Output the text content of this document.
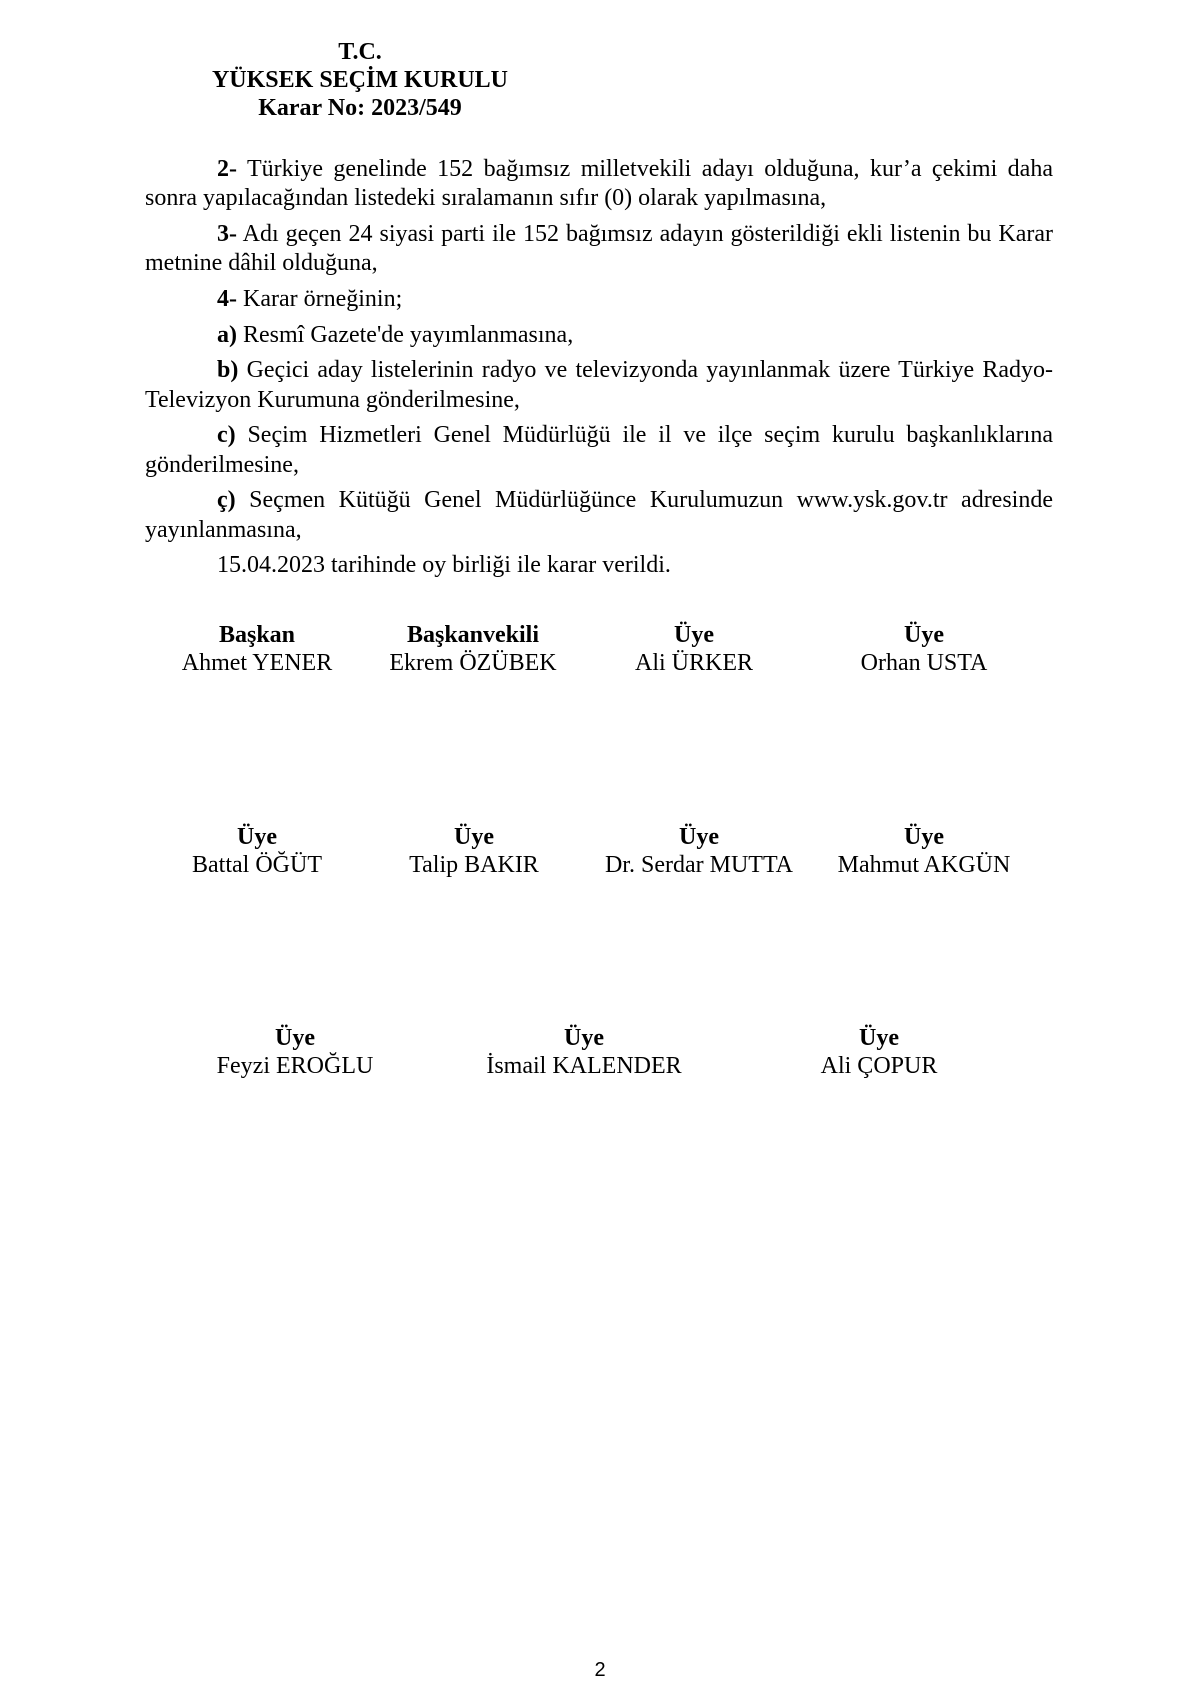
T.C.
YÜKSEK SEÇİM KURULU
Karar No: 2023/549

2- Türkiye genelinde 152 bağımsız milletvekili adayı olduğuna, kur’a çekimi daha sonra yapılacağından listedeki sıralamanın sıfır (0) olarak yapılmasına,

3- Adı geçen 24 siyasi parti ile 152 bağımsız adayın gösterildiği ekli listenin bu Karar metnine dâhil olduğuna,

4- Karar örneğinin;

a) Resmî Gazete'de yayımlanmasına,

b) Geçici aday listelerinin radyo ve televizyonda yayınlanmak üzere Türkiye Radyo-Televizyon Kurumuna gönderilmesine,

c) Seçim Hizmetleri Genel Müdürlüğü ile il ve ilçe seçim kurulu başkanlıklarına gönderilmesine,

ç) Seçmen Kütüğü Genel Müdürlüğünce Kurulumuzun www.ysk.gov.tr adresinde yayınlanmasına,

15.04.2023 tarihinde oy birliği ile karar verildi.

Başkan
Ahmet YENER
Başkanvekili
Ekrem ÖZÜBEK
Üye
Ali ÜRKER
Üye
Orhan USTA
Üye
Battal ÖĞÜT
Üye
Talip BAKIR
Üye
Dr. Serdar MUTTA
Üye
Mahmut AKGÜN
Üye
Feyzi EROĞLU
Üye
İsmail KALENDER
Üye
Ali ÇOPUR
2
